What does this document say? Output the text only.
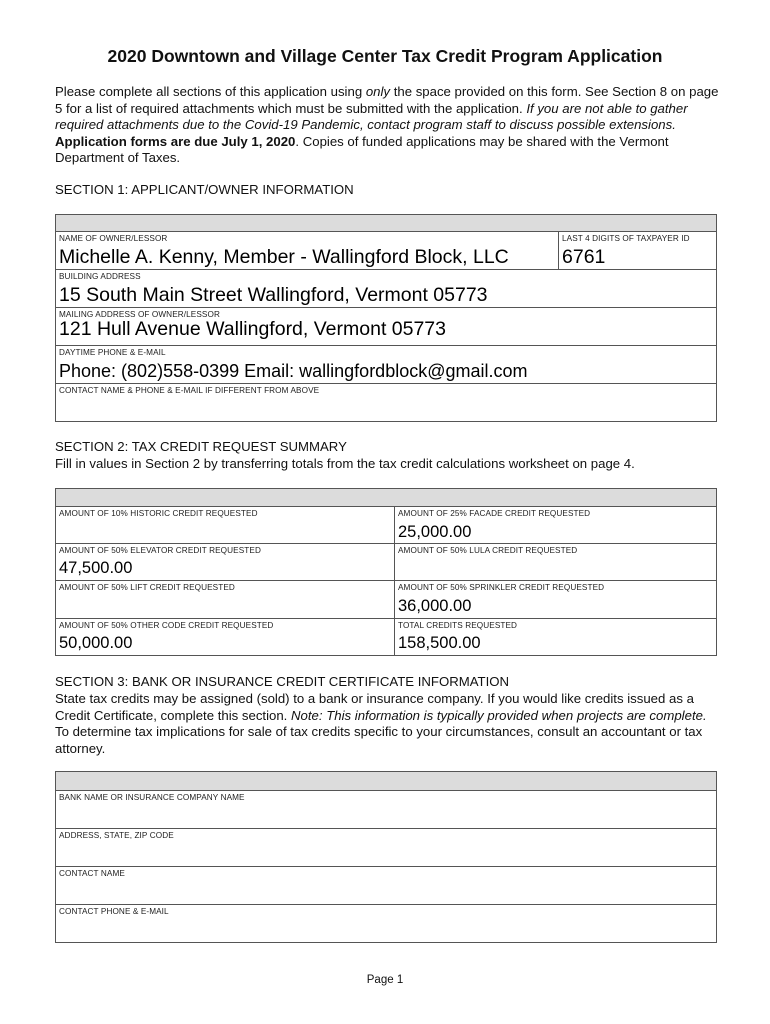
2020 Downtown and Village Center Tax Credit Program Application

Please complete all sections of this application using only the space provided on this form. See Section 8 on page 5 for a list of required attachments which must be submitted with the application. If you are not able to gather required attachments due to the Covid-19 Pandemic, contact program staff to discuss possible extensions. Application forms are due July 1, 2020. Copies of funded applications may be shared with the Vermont Department of Taxes.

SECTION 1: APPLICANT/OWNER INFORMATION

NAME OF OWNER/LESSOR
Michelle A. Kenny, Member - Wallingford Block, LLC
LAST 4 DIGITS OF TAXPAYER ID
6761
BUILDING ADDRESS
15 South Main Street Wallingford, Vermont 05773
MAILING ADDRESS OF OWNER/LESSOR
121 Hull Avenue Wallingford, Vermont 05773
DAYTIME PHONE & E-MAIL
Phone: (802)558-0399 Email: wallingfordblock@gmail.com
CONTACT NAME & PHONE & E-MAIL IF DIFFERENT FROM ABOVE

SECTION 2: TAX CREDIT REQUEST SUMMARY

Fill in values in Section 2 by transferring totals from the tax credit calculations worksheet on page 4.

AMOUNT OF 10% HISTORIC CREDIT REQUESTED	AMOUNT OF 25% FACADE CREDIT REQUESTED
25,000.00
AMOUNT OF 50% ELEVATOR CREDIT REQUESTED
47,500.00
AMOUNT OF 50% LULA CREDIT REQUESTED
AMOUNT OF 50% LIFT CREDIT REQUESTED	AMOUNT OF 50% SPRINKLER CREDIT REQUESTED
36,000.00
AMOUNT OF 50% OTHER CODE CREDIT REQUESTED
50,000.00
TOTAL CREDITS REQUESTED
158,500.00

SECTION 3: BANK OR INSURANCE CREDIT CERTIFICATE INFORMATION

State tax credits may be assigned (sold) to a bank or insurance company. If you would like credits issued as a Credit Certificate, complete this section. Note: This information is typically provided when projects are complete. To determine tax implications for sale of tax credits specific to your circumstances, consult an accountant or tax attorney.

BANK NAME OR INSURANCE COMPANY NAME
ADDRESS, STATE, ZIP CODE
CONTACT NAME
CONTACT PHONE & E-MAIL
Page 1
